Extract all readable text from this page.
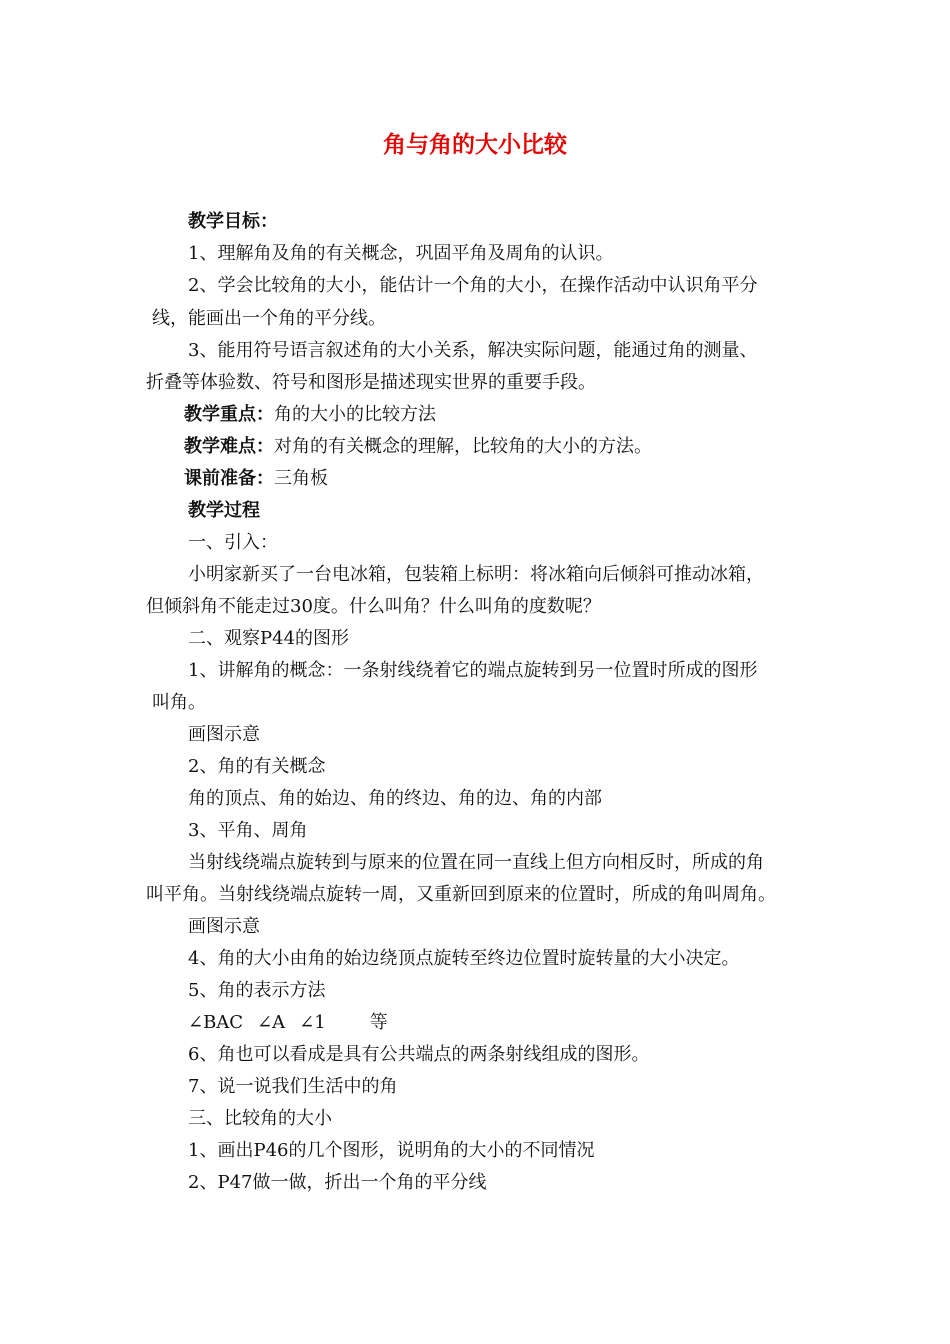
角与角的大小比较
教学目标：
1、理解角及角的有关概念，巩固平角及周角的认识。
2、学会比较角的大小，能估计一个角的大小，在操作活动中认识角平分
线，能画出一个角的平分线。
3、能用符号语言叙述角的大小关系，解决实际问题，能通过角的测量、
折叠等体验数、符号和图形是描述现实世界的重要手段。
教学重点：角的大小的比较方法
教学难点：对角的有关概念的理解，比较角的大小的方法。
课前准备：三角板
教学过程
一、引入：
小明家新买了一台电冰箱，包装箱上标明：将冰箱向后倾斜可推动冰箱，
但倾斜角不能走过30度。什么叫角？什么叫角的度数呢？
二、观察P44的图形
1、讲解角的概念：一条射线绕着它的端点旋转到另一位置时所成的图形
叫角。
画图示意
2、角的有关概念
角的顶点、角的始边、角的终边、角的边、角的内部
3、平角、周角
当射线绕端点旋转到与原来的位置在同一直线上但方向相反时，所成的角
叫平角。当射线绕端点旋转一周，又重新回到原来的位置时，所成的角叫周角。
画图示意
4、角的大小由角的始边绕顶点旋转至终边位置时旋转量的大小决定。
5、角的表示方法
∠BAC ∠A ∠1 等
6、角也可以看成是具有公共端点的两条射线组成的图形。
7、说一说我们生活中的角
三、比较角的大小
1、画出P46的几个图形，说明角的大小的不同情况
2、P47做一做，折出一个角的平分线
